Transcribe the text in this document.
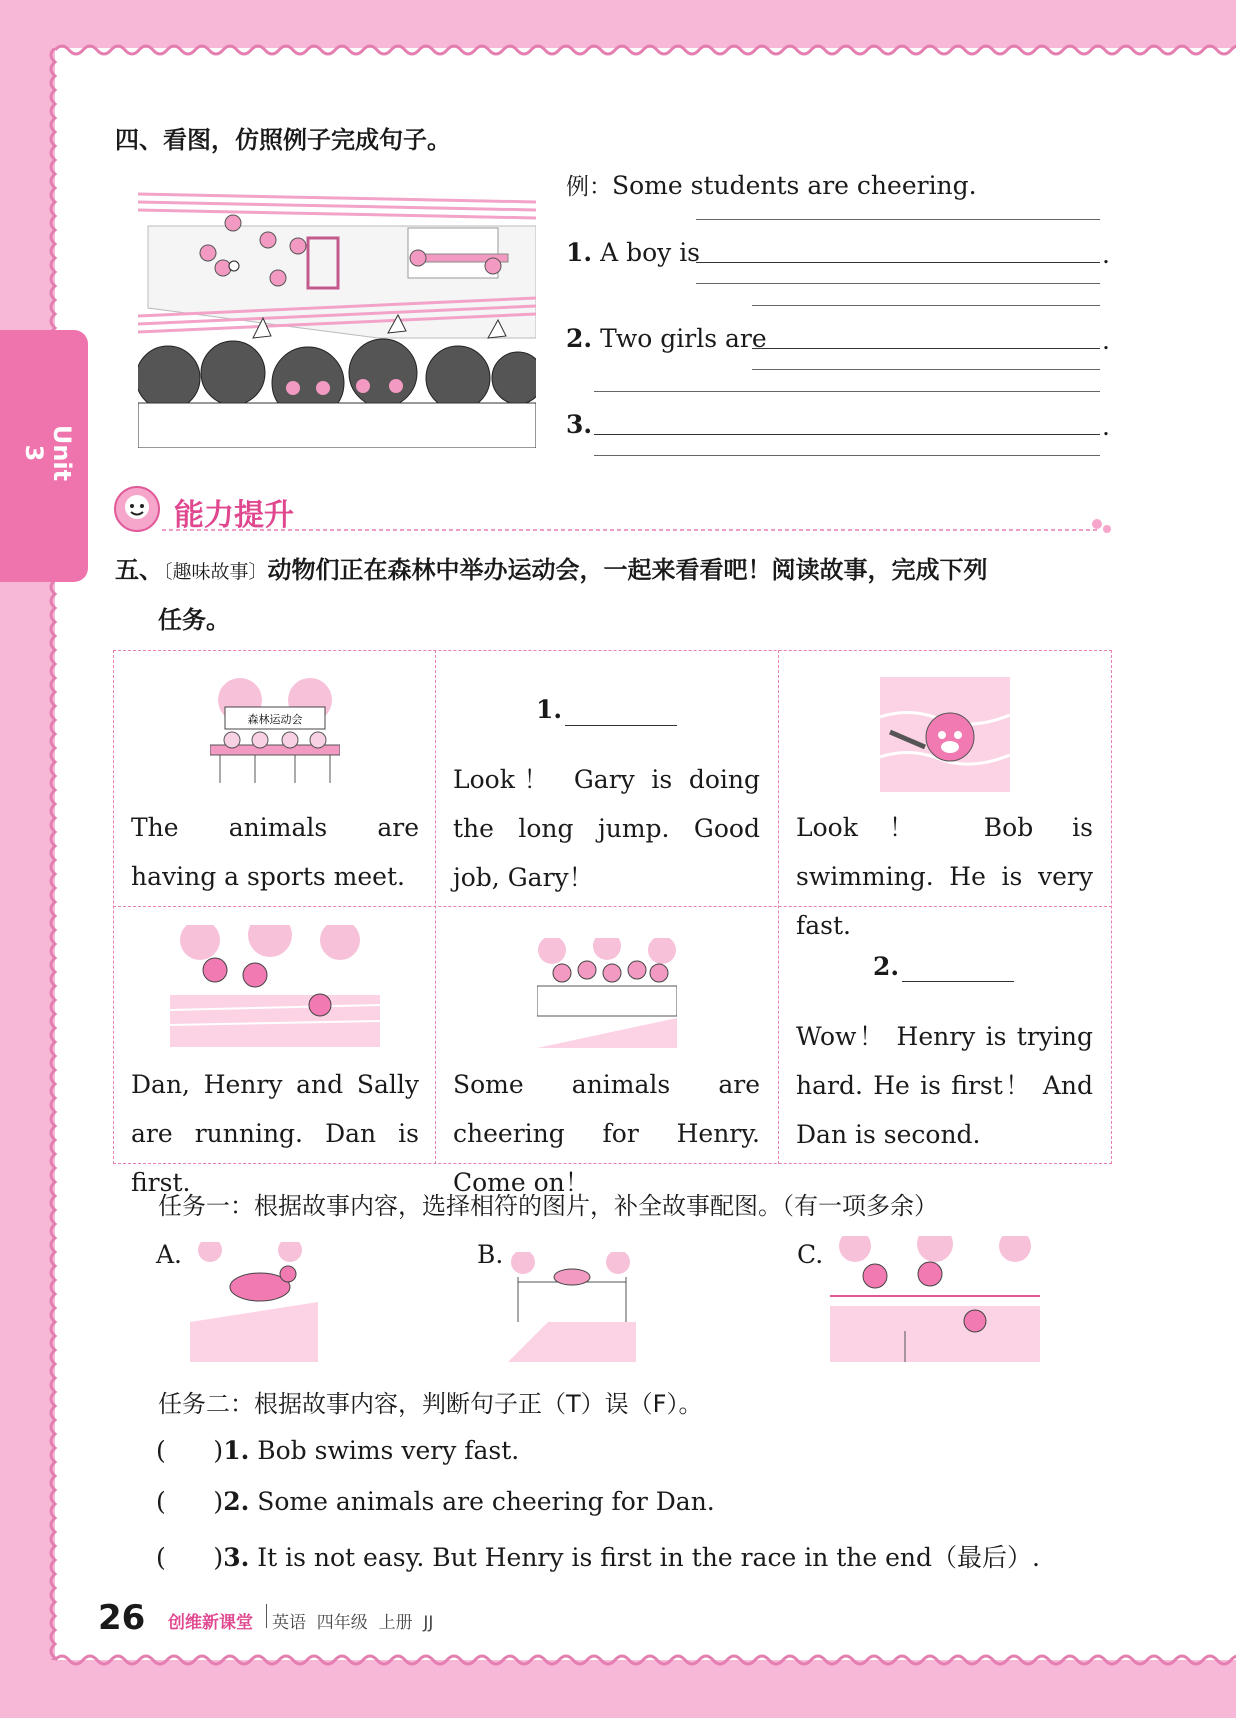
Unit 3
四、看图，仿照例子完成句子。
例：Some students are cheering.
1. A boy is	.
2. Two girls are	.
3.	.
能力提升
五、〔趣味故事〕动物们正在森林中举办运动会，一起来看看吧！阅读故事，完成下列
任务。
森林运动会
The animals are having a sports meet.
1.
Look！ Gary is doing the long jump. Good job, Gary！
Look！ Bob is swimming. He is very fast.
Dan, Henry and Sally are running. Dan is first.
Some animals are cheering for Henry. Come on！
2.
Wow！ Henry is trying hard. He is first！ And Dan is second.
任务一：根据故事内容，选择相符的图片，补全故事配图。（有一项多余）
A.	B.	C.
任务二：根据故事内容，判断句子正（T）误（F）。
(      )1. Bob swims very fast.
(      )2. Some animals are cheering for Dan.
(      )3. It is not easy. But Henry is first in the race in the end（最后）.
26 创维新课堂 英语  四年级  上册  JJ
